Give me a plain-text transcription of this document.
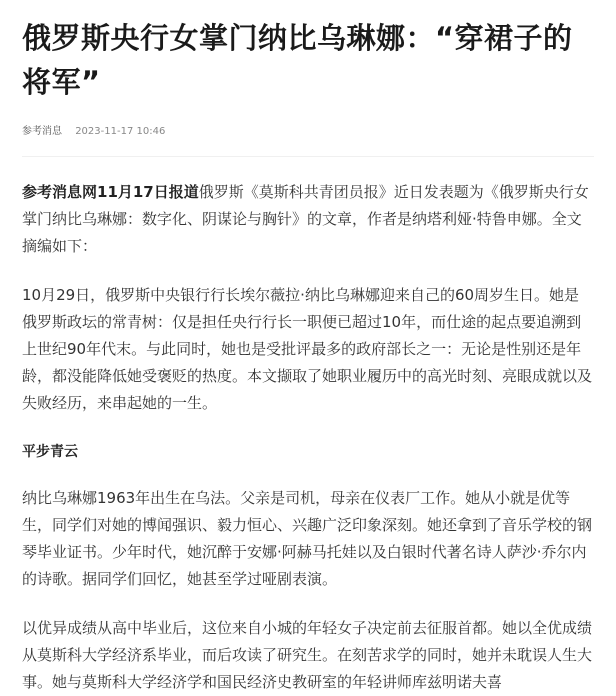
俄罗斯央行女掌门纳比乌琳娜：“穿裙子的将军”
参考消息 2023-11-17 10:46

参考消息网11月17日报道俄罗斯《莫斯科共青团员报》近日发表题为《俄罗斯央行女掌门纳比乌琳娜：数字化、阴谋论与胸针》的文章，作者是纳塔利娅·特鲁申娜。全文摘编如下：

10月29日，俄罗斯中央银行行长埃尔薇拉·纳比乌琳娜迎来自己的60周岁生日。她是俄罗斯政坛的常青树：仅是担任央行行长一职便已超过10年，而仕途的起点要追溯到上世纪90年代末。与此同时，她也是受批评最多的政府部长之一：无论是性别还是年龄，都没能降低她受褒贬的热度。本文撷取了她职业履历中的高光时刻、亮眼成就以及失败经历，来串起她的一生。

平步青云

纳比乌琳娜1963年出生在乌法。父亲是司机，母亲在仪表厂工作。她从小就是优等生，同学们对她的博闻强识、毅力恒心、兴趣广泛印象深刻。她还拿到了音乐学校的钢琴毕业证书。少年时代，她沉醉于安娜·阿赫马托娃以及白银时代著名诗人萨沙·乔尔内的诗歌。据同学们回忆，她甚至学过哑剧表演。

以优异成绩从高中毕业后，这位来自小城的年轻女子决定前去征服首都。她以全优成绩从莫斯科大学经济系毕业，而后攻读了研究生。在刻苦求学的同时，她并未耽误人生大事。她与莫斯科大学经济学和国民经济史教研室的年轻讲师库兹明诺夫喜
